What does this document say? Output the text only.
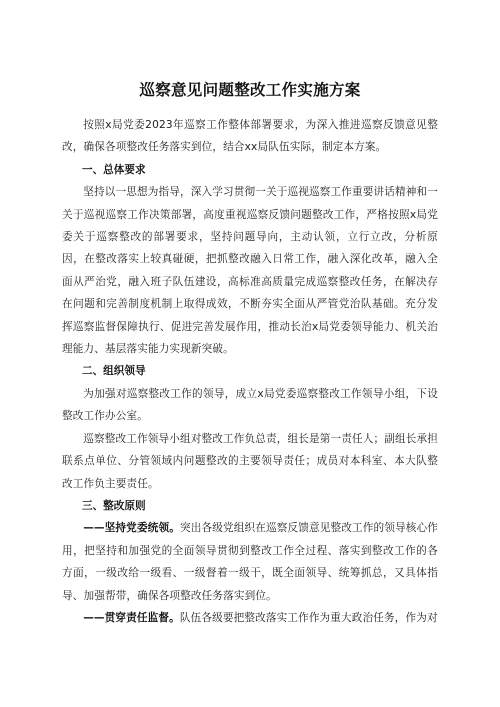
巡察意见问题整改工作实施方案

按照x局党委2023年巡察工作整体部署要求，为深入推进巡察反馈意见整改，确保各项整改任务落实到位，结合xx局队伍实际，制定本方案。

一、总体要求

坚持以一思想为指导，深入学习贯彻一关于巡视巡察工作重要讲话精神和一关于巡视巡察工作决策部署，高度重视巡察反馈问题整改工作，严格按照x局党委关于巡察整改的部署要求，坚持问题导向，主动认领，立行立改，分析原因，在整改落实上较真碰硬，把抓整改融入日常工作，融入深化改革，融入全面从严治党，融入班子队伍建设，高标准高质量完成巡察整改任务，在解决存在问题和完善制度机制上取得成效，不断夯实全面从严管党治队基础。充分发挥巡察监督保障执行、促进完善发展作用，推动长治x局党委领导能力、机关治理能力、基层落实能力实现新突破。

二、组织领导

为加强对巡察整改工作的领导，成立x局党委巡察整改工作领导小组，下设整改工作办公室。

巡察整改工作领导小组对整改工作负总责，组长是第一责任人；副组长承担联系点单位、分管领域内问题整改的主要领导责任；成员对本科室、本大队整改工作负主要责任。

三、整改原则

——坚持党委统领。突出各级党组织在巡察反馈意见整改工作的领导核心作用，把坚持和加强党的全面领导贯彻到整改工作全过程、落实到整改工作的各方面，一级改给一级看、一级督着一级干，既全面领导、统筹抓总，又具体指导、加强帮带，确保各项整改任务落实到位。

——贯穿责任监督。队伍各级要把整改落实工作作为重大政治任务，作为对
